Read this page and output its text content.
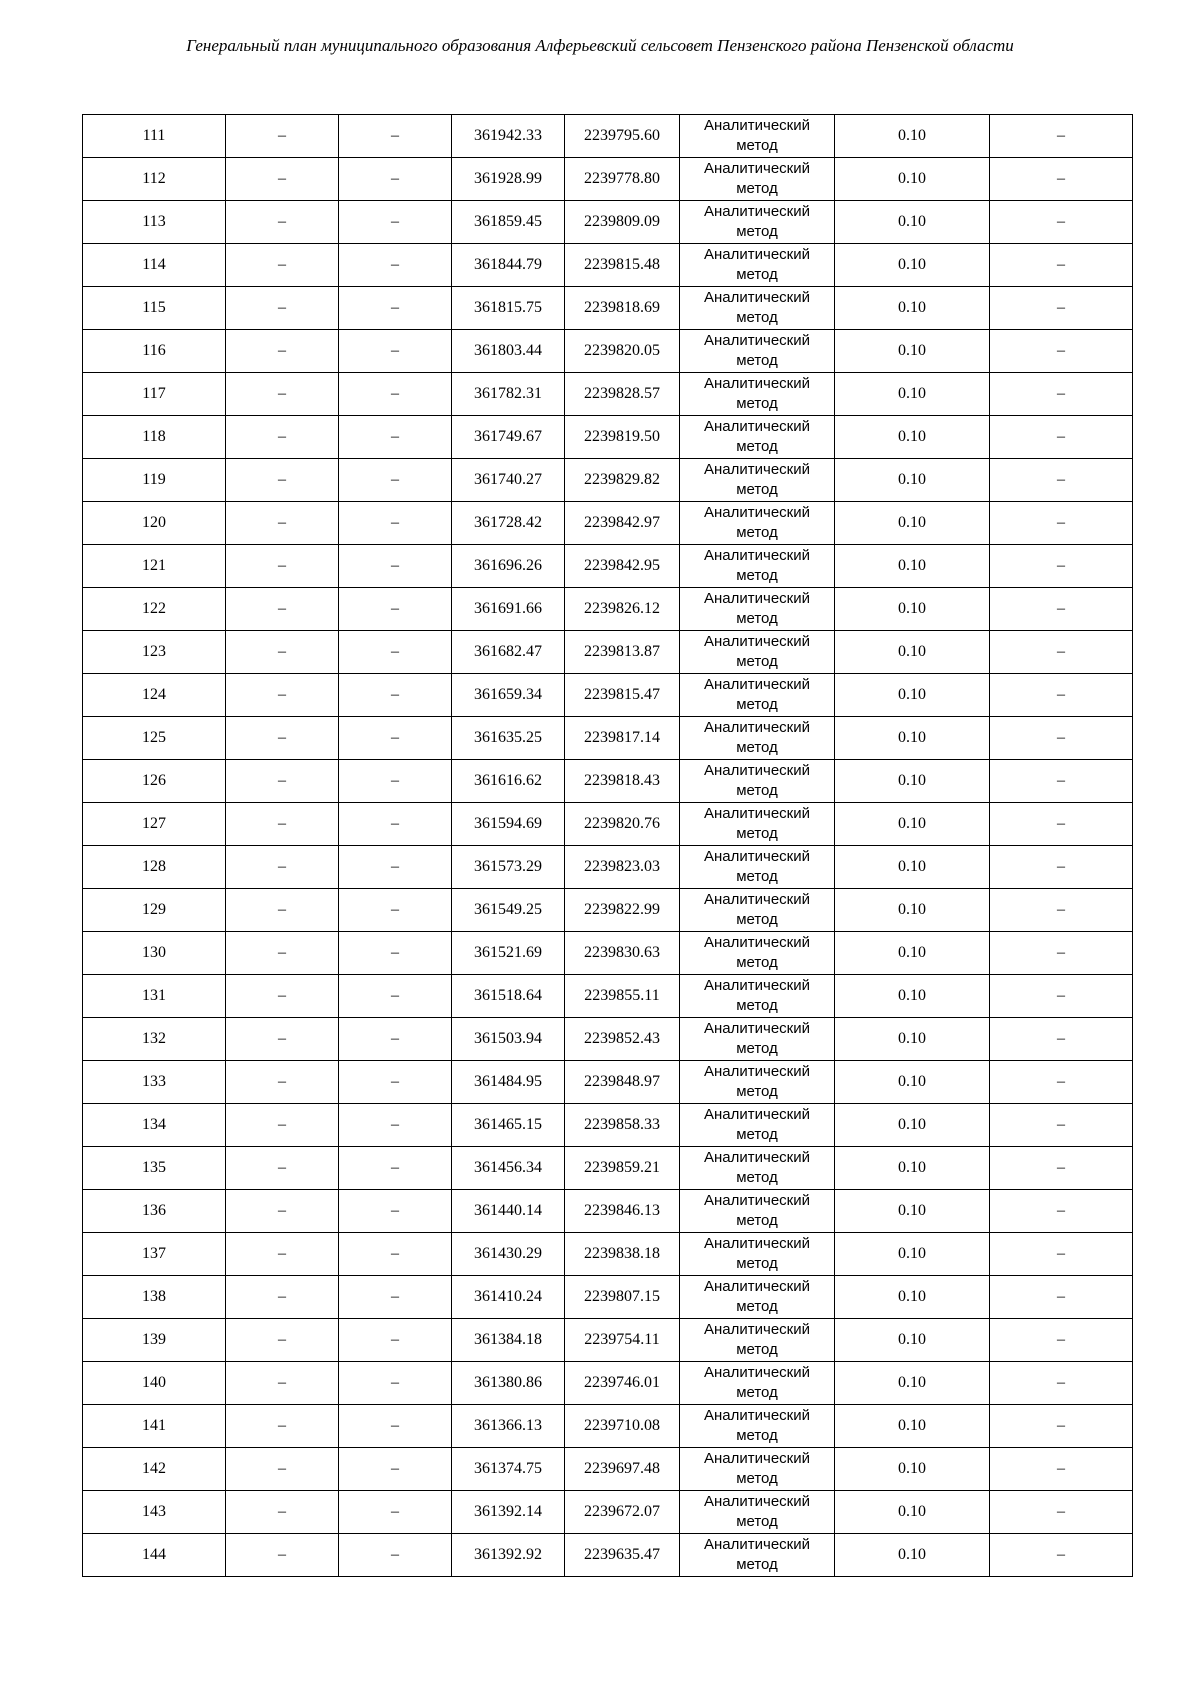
Генеральный план муниципального образования Алферьевский сельсовет Пензенского района Пензенской области
111	–	–	361942.33	2239795.60	Аналитический
метод	0.10	–
112	–	–	361928.99	2239778.80	Аналитический
метод	0.10	–
113	–	–	361859.45	2239809.09	Аналитический
метод	0.10	–
114	–	–	361844.79	2239815.48	Аналитический
метод	0.10	–
115	–	–	361815.75	2239818.69	Аналитический
метод	0.10	–
116	–	–	361803.44	2239820.05	Аналитический
метод	0.10	–
117	–	–	361782.31	2239828.57	Аналитический
метод	0.10	–
118	–	–	361749.67	2239819.50	Аналитический
метод	0.10	–
119	–	–	361740.27	2239829.82	Аналитический
метод	0.10	–
120	–	–	361728.42	2239842.97	Аналитический
метод	0.10	–
121	–	–	361696.26	2239842.95	Аналитический
метод	0.10	–
122	–	–	361691.66	2239826.12	Аналитический
метод	0.10	–
123	–	–	361682.47	2239813.87	Аналитический
метод	0.10	–
124	–	–	361659.34	2239815.47	Аналитический
метод	0.10	–
125	–	–	361635.25	2239817.14	Аналитический
метод	0.10	–
126	–	–	361616.62	2239818.43	Аналитический
метод	0.10	–
127	–	–	361594.69	2239820.76	Аналитический
метод	0.10	–
128	–	–	361573.29	2239823.03	Аналитический
метод	0.10	–
129	–	–	361549.25	2239822.99	Аналитический
метод	0.10	–
130	–	–	361521.69	2239830.63	Аналитический
метод	0.10	–
131	–	–	361518.64	2239855.11	Аналитический
метод	0.10	–
132	–	–	361503.94	2239852.43	Аналитический
метод	0.10	–
133	–	–	361484.95	2239848.97	Аналитический
метод	0.10	–
134	–	–	361465.15	2239858.33	Аналитический
метод	0.10	–
135	–	–	361456.34	2239859.21	Аналитический
метод	0.10	–
136	–	–	361440.14	2239846.13	Аналитический
метод	0.10	–
137	–	–	361430.29	2239838.18	Аналитический
метод	0.10	–
138	–	–	361410.24	2239807.15	Аналитический
метод	0.10	–
139	–	–	361384.18	2239754.11	Аналитический
метод	0.10	–
140	–	–	361380.86	2239746.01	Аналитический
метод	0.10	–
141	–	–	361366.13	2239710.08	Аналитический
метод	0.10	–
142	–	–	361374.75	2239697.48	Аналитический
метод	0.10	–
143	–	–	361392.14	2239672.07	Аналитический
метод	0.10	–
144	–	–	361392.92	2239635.47	Аналитический
метод	0.10	–
